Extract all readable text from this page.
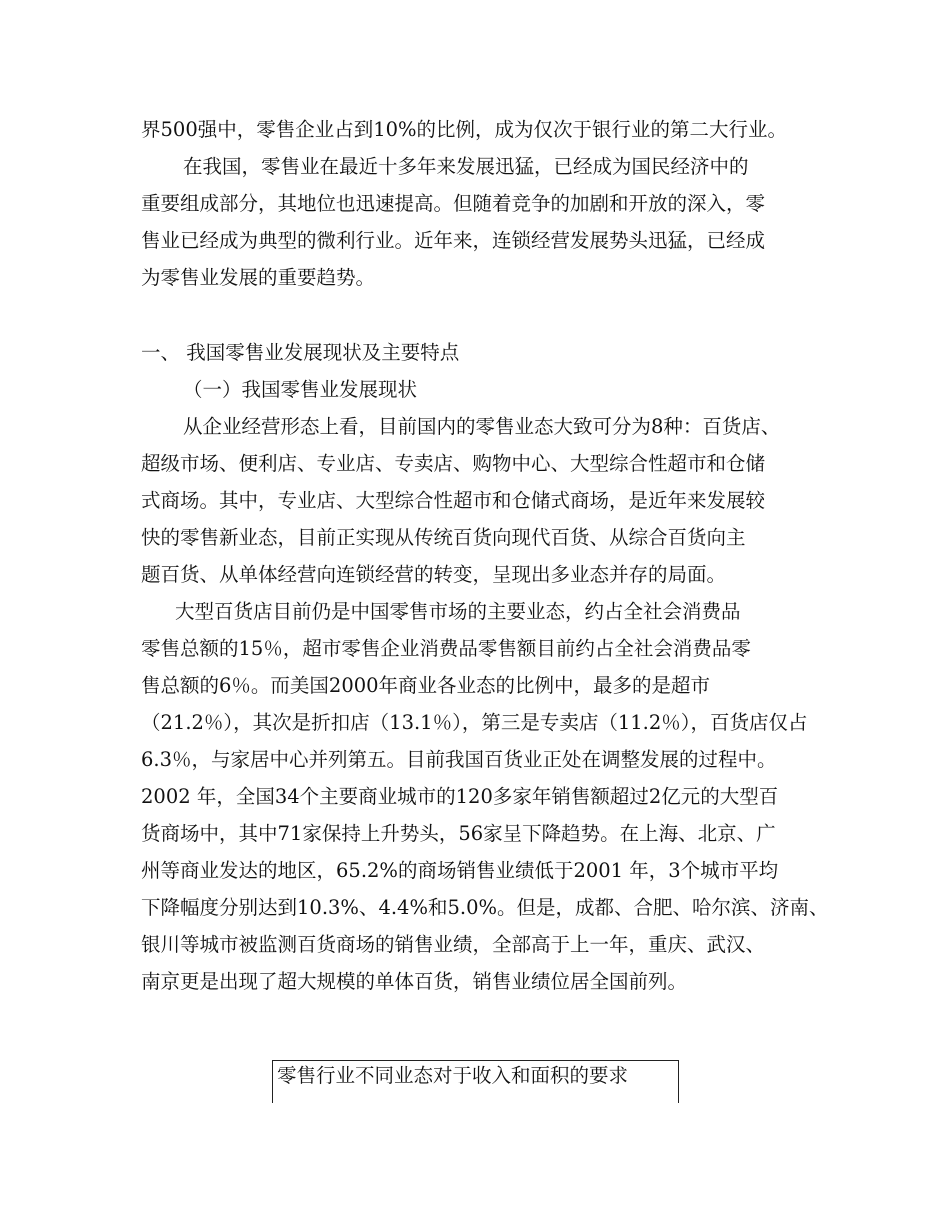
界500强中，零售企业占到10%的比例，成为仅次于银行业的第二大行业。
在我国，零售业在最近十多年来发展迅猛，已经成为国民经济中的
重要组成部分，其地位也迅速提高。但随着竞争的加剧和开放的深入，零
售业已经成为典型的微利行业。近年来，连锁经营发展势头迅猛，已经成
为零售业发展的重要趋势。
一、 我国零售业发展现状及主要特点
（一）我国零售业发展现状
从企业经营形态上看，目前国内的零售业态大致可分为8种：百货店、
超级市场、便利店、专业店、专卖店、购物中心、大型综合性超市和仓储
式商场。其中，专业店、大型综合性超市和仓储式商场，是近年来发展较
快的零售新业态，目前正实现从传统百货向现代百货、从综合百货向主
题百货、从单体经营向连锁经营的转变，呈现出多业态并存的局面。
大型百货店目前仍是中国零售市场的主要业态，约占全社会消费品
零售总额的15％，超市零售企业消费品零售额目前约占全社会消费品零
售总额的6％。而美国2000年商业各业态的比例中，最多的是超市
（21.2％），其次是折扣店（13.1％），第三是专卖店（11.2％），百货店仅占
6.3％，与家居中心并列第五。目前我国百货业正处在调整发展的过程中。
2002 年，全国34个主要商业城市的120多家年销售额超过2亿元的大型百
货商场中，其中71家保持上升势头，56家呈下降趋势。在上海、北京、广
州等商业发达的地区，65.2%的商场销售业绩低于2001 年，3个城市平均
下降幅度分别达到10.3%、4.4%和5.0%。但是，成都、合肥、哈尔滨、济南、
银川等城市被监测百货商场的销售业绩，全部高于上一年，重庆、武汉、
南京更是出现了超大规模的单体百货，销售业绩位居全国前列。
零售行业不同业态对于收入和面积的要求
